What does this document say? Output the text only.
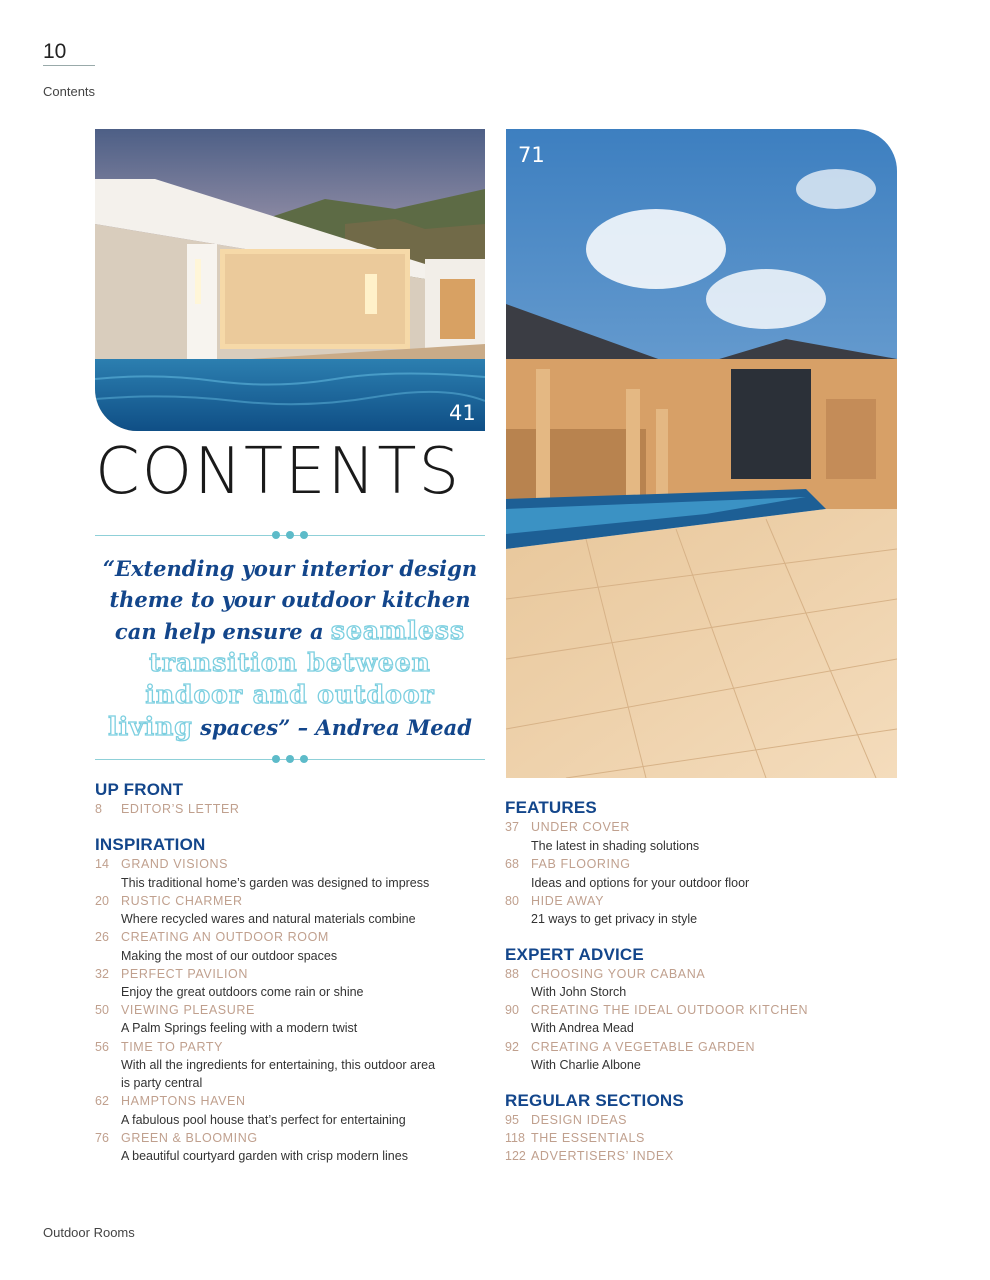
10
Contents
41
71
CONTENTS
“Extending your interior design theme to your outdoor kitchen can help ensure a seamless transition between indoor and outdoor living spaces” – Andrea Mead
UP FRONT
8 EDITOR’S LETTER
INSPIRATION
14 GRAND VISIONS
This traditional home’s garden was designed to impress
20 RUSTIC CHARMER
Where recycled wares and natural materials combine
26 CREATING AN OUTDOOR ROOM
Making the most of our outdoor spaces
32 PERFECT PAVILION
Enjoy the great outdoors come rain or shine
50 VIEWING PLEASURE
A Palm Springs feeling with a modern twist
56 TIME TO PARTY
With all the ingredients for entertaining, this outdoor area
is party central
62 HAMPTONS HAVEN
A fabulous pool house that’s perfect for entertaining
76 GREEN & BLOOMING
A beautiful courtyard garden with crisp modern lines
FEATURES
37 UNDER COVER
The latest in shading solutions
68 FAB FLOORING
Ideas and options for your outdoor floor
80 HIDE AWAY
21 ways to get privacy in style
EXPERT ADVICE
88 CHOOSING YOUR CABANA
With John Storch
90 CREATING THE IDEAL OUTDOOR KITCHEN
With Andrea Mead
92 CREATING A VEGETABLE GARDEN
With Charlie Albone
REGULAR SECTIONS
95 DESIGN IDEAS
118 THE ESSENTIALS
122 ADVERTISERS’ INDEX
Outdoor Rooms
